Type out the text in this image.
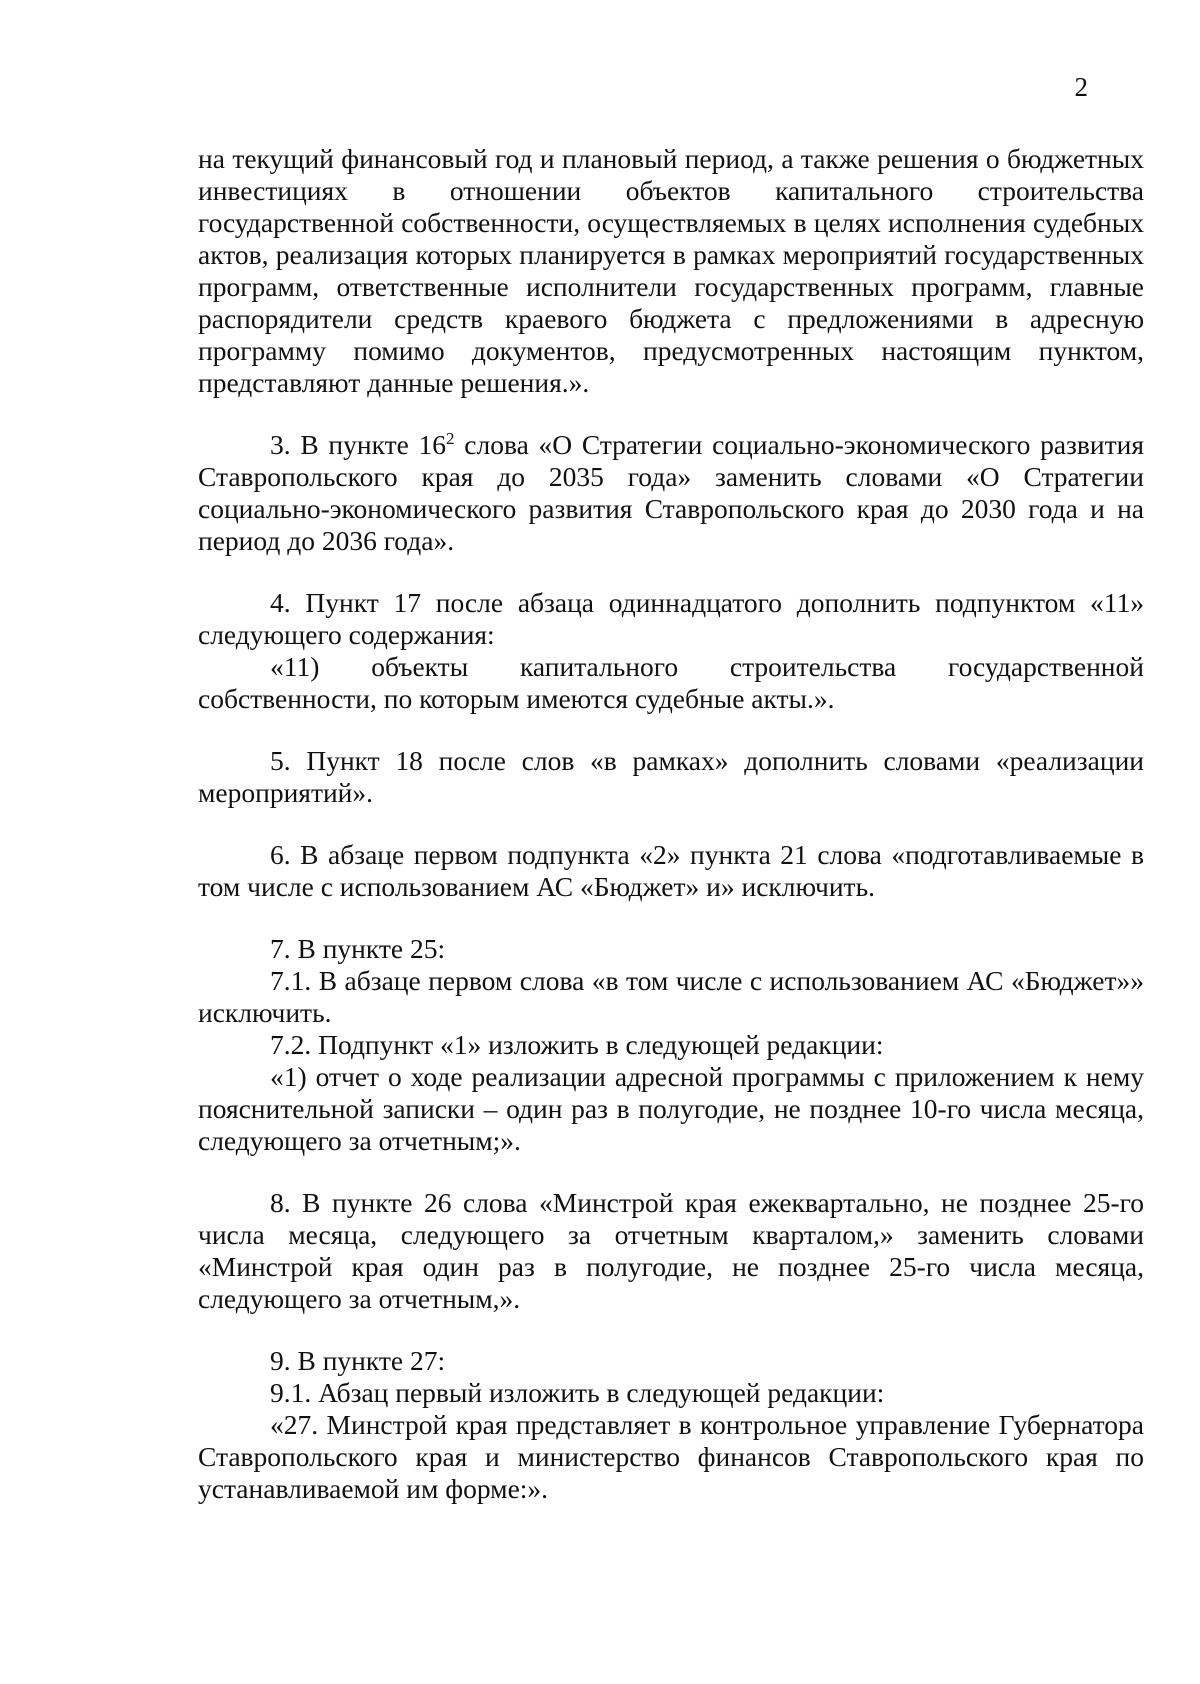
2

на текущий финансовый год и плановый период, а также решения о бюджетных инвестициях в отношении объектов капитального строительства государственной собственности, осуществляемых в целях исполнения судебных актов, реализация которых планируется в рамках мероприятий государственных программ, ответственные исполнители государственных программ, главные распорядители средств краевого бюджета с предложениями в адресную программу помимо документов, предусмотренных настоящим пунктом, представляют данные решения.».

3. В пункте $16^2$ слова «О Стратегии социально-экономического развития Ставропольского края до 2035 года» заменить словами «О Стратегии социально-экономического развития Ставропольского края до 2030 года и на период до 2036 года».

4. Пункт 17 после абзаца одиннадцатого дополнить подпунктом «11» следующего содержания:

«11) объекты капитального строительства государственной собственности, по которым имеются судебные акты.».

5. Пункт 18 после слов «в рамках» дополнить словами «реализации мероприятий».

6. В абзаце первом подпункта «2» пункта 21 слова «подготавливаемые в том числе с использованием АС «Бюджет» и» исключить.

7. В пункте 25:

7.1. В абзаце первом слова «в том числе с использованием АС «Бюджет»» исключить.

7.2. Подпункт «1» изложить в следующей редакции:

«1) отчет о ходе реализации адресной программы с приложением к нему пояснительной записки – один раз в полугодие, не позднее 10-го числа месяца, следующего за отчетным;».

8. В пункте 26 слова «Минстрой края ежеквартально, не позднее 25-го числа месяца, следующего за отчетным кварталом,» заменить словами «Минстрой края один раз в полугодие, не позднее 25-го числа месяца, следующего за отчетным,».

9. В пункте 27:

9.1. Абзац первый изложить в следующей редакции:

«27. Минстрой края представляет в контрольное управление Губернатора Ставропольского края и министерство финансов Ставропольского края по устанавливаемой им форме:».
